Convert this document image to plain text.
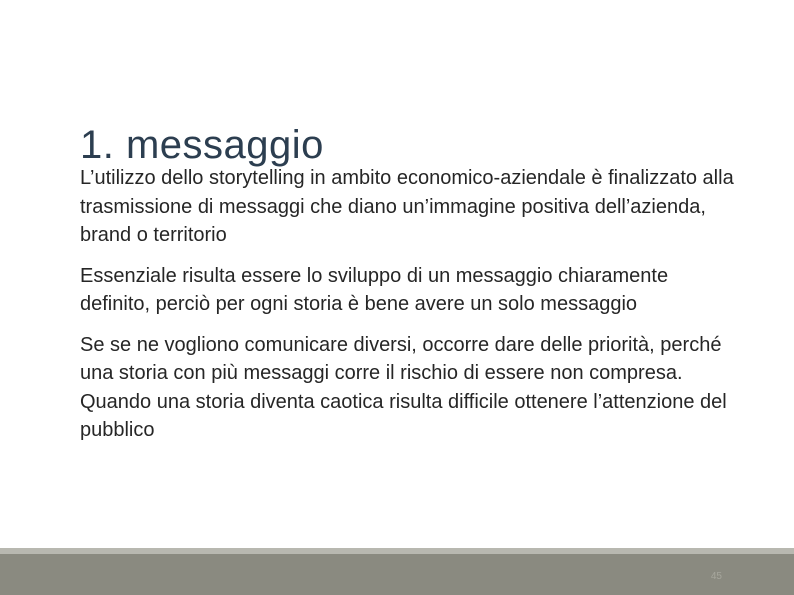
1. messaggio

L’utilizzo dello storytelling in ambito economico-aziendale è finalizzato alla trasmissione di messaggi che diano un’immagine positiva dell’azienda, brand o territorio

Essenziale risulta essere lo sviluppo di un messaggio chiaramente definito, perciò per ogni storia è bene avere un solo messaggio

Se se ne vogliono comunicare diversi, occorre dare delle priorità, perché una storia con più messaggi corre il rischio di essere non compresa. Quando una storia diventa caotica risulta difficile ottenere l’attenzione del pubblico

45
